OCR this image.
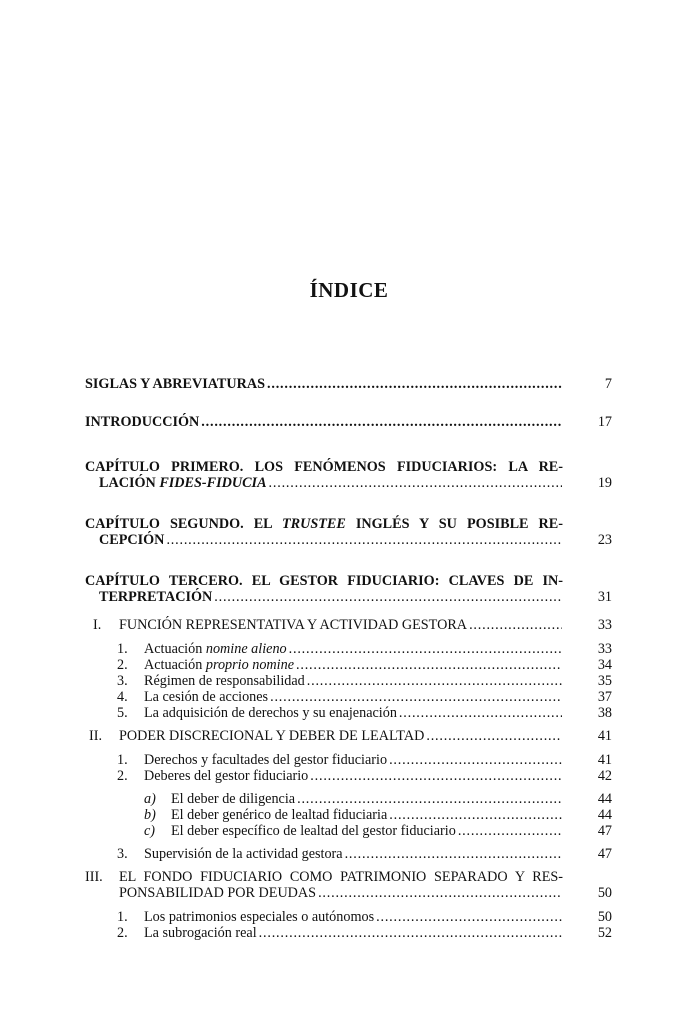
ÍNDICE
SIGLAS Y ABREVIATURAS .....	7
INTRODUCCIÓN .....	17
CAPÍTULO PRIMERO. LOS FENÓMENOS FIDUCIARIOS: LA RE-
LACIÓN FIDES-FIDUCIA .....	19
CAPÍTULO SEGUNDO. EL TRUSTEE INGLÉS Y SU POSIBLE RE-
CEPCIÓN .....	23
CAPÍTULO TERCERO. EL GESTOR FIDUCIARIO: CLAVES DE IN-
TERPRETACIÓN .....	31
I.	FUNCIÓN REPRESENTATIVA Y ACTIVIDAD GESTORA .....	33
1.	Actuación nomine alieno .....	33
2.	Actuación proprio nomine .....	34
3.	Régimen de responsabilidad .....	35
4.	La cesión de acciones .....	37
5.	La adquisición de derechos y su enajenación .....	38
II.	PODER DISCRECIONAL Y DEBER DE LEALTAD .....	41
1.	Derechos y facultades del gestor fiduciario .....	41
2.	Deberes del gestor fiduciario .....	42
a)	El deber de diligencia .....	44
b)	El deber genérico de lealtad fiduciaria .....	44
c)	El deber específico de lealtad del gestor fiduciario .....	47
3.	Supervisión de la actividad gestora .....	47
III.	EL FONDO FIDUCIARIO COMO PATRIMONIO SEPARADO Y RES-
PONSABILIDAD POR DEUDAS .....	50
1.	Los patrimonios especiales o autónomos .....	50
2.	La subrogación real .....	52
